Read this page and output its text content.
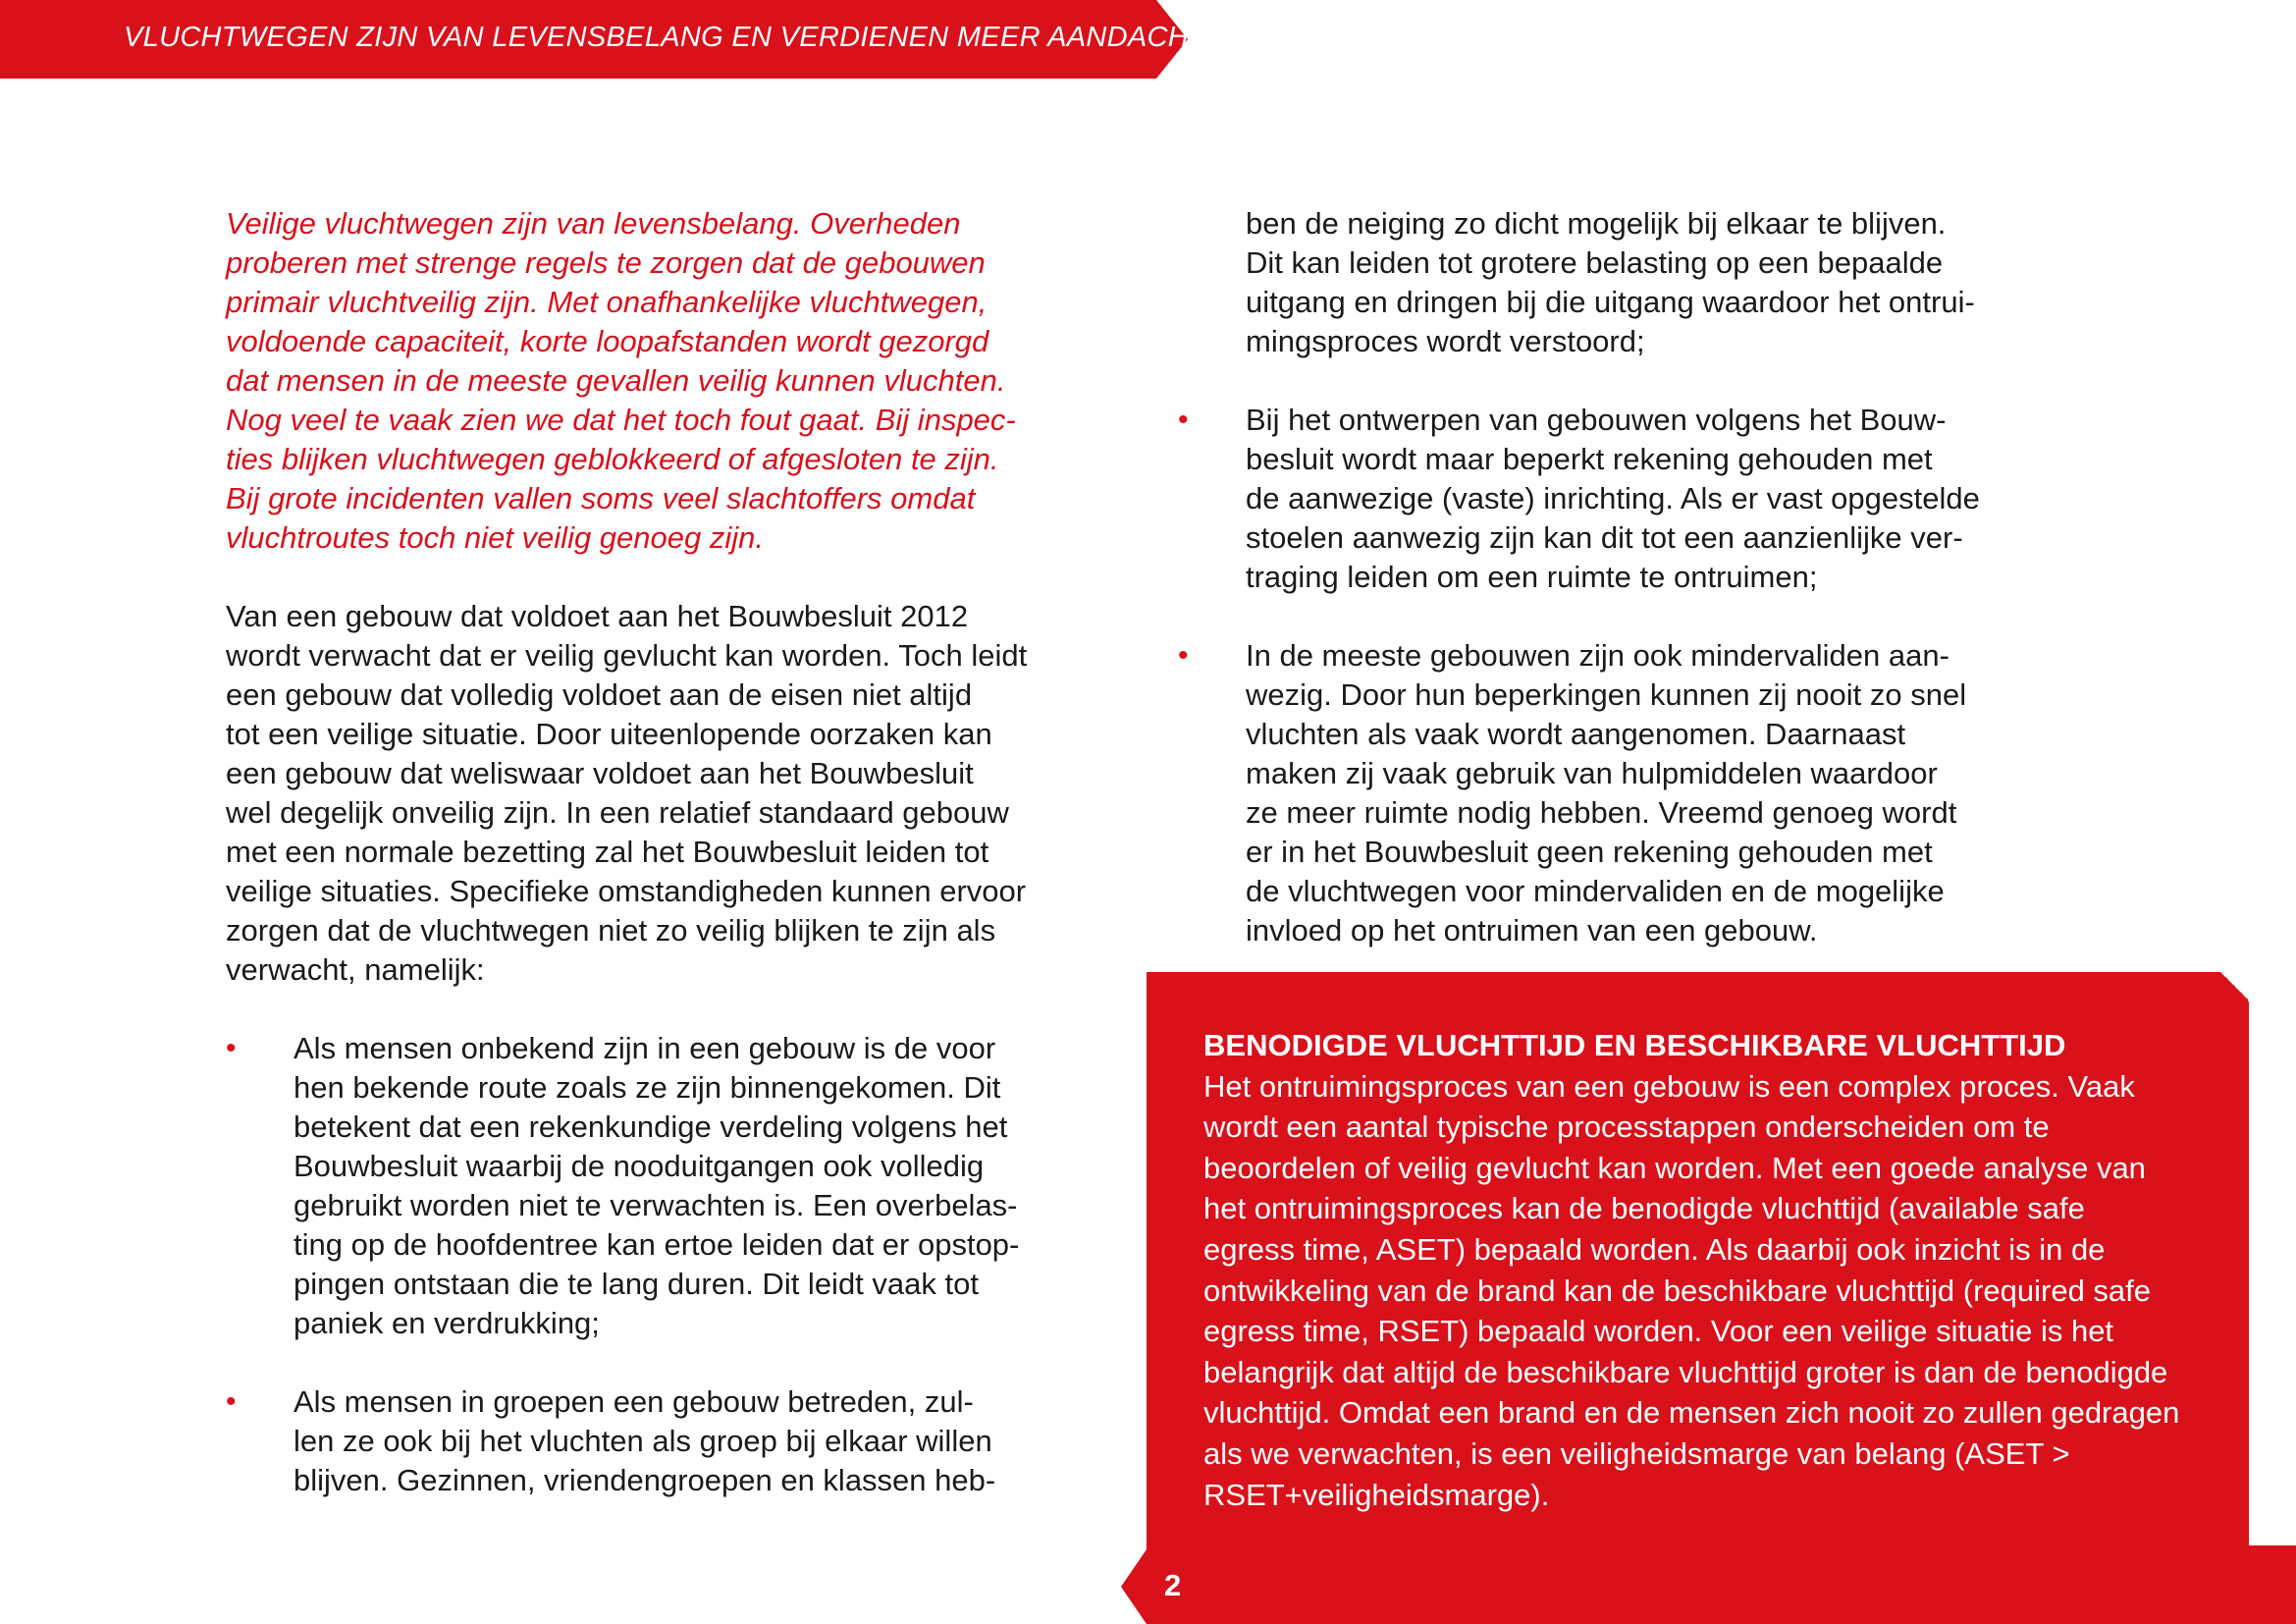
VLUCHTWEGEN ZIJN VAN LEVENSBELANG EN VERDIENEN MEER AANDACHT

Veilige vluchtwegen zijn van levensbelang. Overheden
proberen met strenge regels te zorgen dat de gebouwen
primair vluchtveilig zijn. Met onafhankelijke vluchtwegen,
voldoende capaciteit, korte loopafstanden wordt gezorgd
dat mensen in de meeste gevallen veilig kunnen vluchten.
Nog veel te vaak zien we dat het toch fout gaat. Bij inspec-
ties blijken vluchtwegen geblokkeerd of afgesloten te zijn.
Bij grote incidenten vallen soms veel slachtoffers omdat
vluchtroutes toch niet veilig genoeg zijn.

Van een gebouw dat voldoet aan het Bouwbesluit 2012
wordt verwacht dat er veilig gevlucht kan worden. Toch leidt
een gebouw dat volledig voldoet aan de eisen niet altijd
tot een veilige situatie. Door uiteenlopende oorzaken kan
een gebouw dat weliswaar voldoet aan het Bouwbesluit
wel degelijk onveilig zijn. In een relatief standaard gebouw
met een normale bezetting zal het Bouwbesluit leiden tot
veilige situaties. Specifieke omstandigheden kunnen ervoor
zorgen dat de vluchtwegen niet zo veilig blijken te zijn als
verwacht, namelijk:

• Als mensen onbekend zijn in een gebouw is de voor
hen bekende route zoals ze zijn binnengekomen. Dit
betekent dat een rekenkundige verdeling volgens het
Bouwbesluit waarbij de nooduitgangen ook volledig
gebruikt worden niet te verwachten is. Een overbelas-
ting op de hoofdentree kan ertoe leiden dat er opstop-
pingen ontstaan die te lang duren. Dit leidt vaak tot
paniek en verdrukking;

• Als mensen in groepen een gebouw betreden, zul-
len ze ook bij het vluchten als groep bij elkaar willen
blijven. Gezinnen, vriendengroepen en klassen heb-

ben de neiging zo dicht mogelijk bij elkaar te blijven.
Dit kan leiden tot grotere belasting op een bepaalde
uitgang en dringen bij die uitgang waardoor het ontrui-
mingsproces wordt verstoord;

• Bij het ontwerpen van gebouwen volgens het Bouw-
besluit wordt maar beperkt rekening gehouden met
de aanwezige (vaste) inrichting. Als er vast opgestelde
stoelen aanwezig zijn kan dit tot een aanzienlijke ver-
traging leiden om een ruimte te ontruimen;

• In de meeste gebouwen zijn ook mindervaliden aan-
wezig. Door hun beperkingen kunnen zij nooit zo snel
vluchten als vaak wordt aangenomen. Daarnaast
maken zij vaak gebruik van hulpmiddelen waardoor
ze meer ruimte nodig hebben. Vreemd genoeg wordt
er in het Bouwbesluit geen rekening gehouden met
de vluchtwegen voor mindervaliden en de mogelijke
invloed op het ontruimen van een gebouw.

BENODIGDE VLUCHTTIJD EN BESCHIKBARE VLUCHTTIJD

Het ontruimingsproces van een gebouw is een complex proces. Vaak
wordt een aantal typische processtappen onderscheiden om te
beoordelen of veilig gevlucht kan worden. Met een goede analyse van
het ontruimingsproces kan de benodigde vluchttijd (available safe
egress time, ASET) bepaald worden. Als daarbij ook inzicht is in de
ontwikkeling van de brand kan de beschikbare vluchttijd (required safe
egress time, RSET) bepaald worden. Voor een veilige situatie is het
belangrijk dat altijd de beschikbare vluchttijd groter is dan de benodigde
vluchttijd. Omdat een brand en de mensen zich nooit zo zullen gedragen
als we verwachten, is een veiligheidsmarge van belang (ASET >
RSET+veiligheidsmarge).

2
